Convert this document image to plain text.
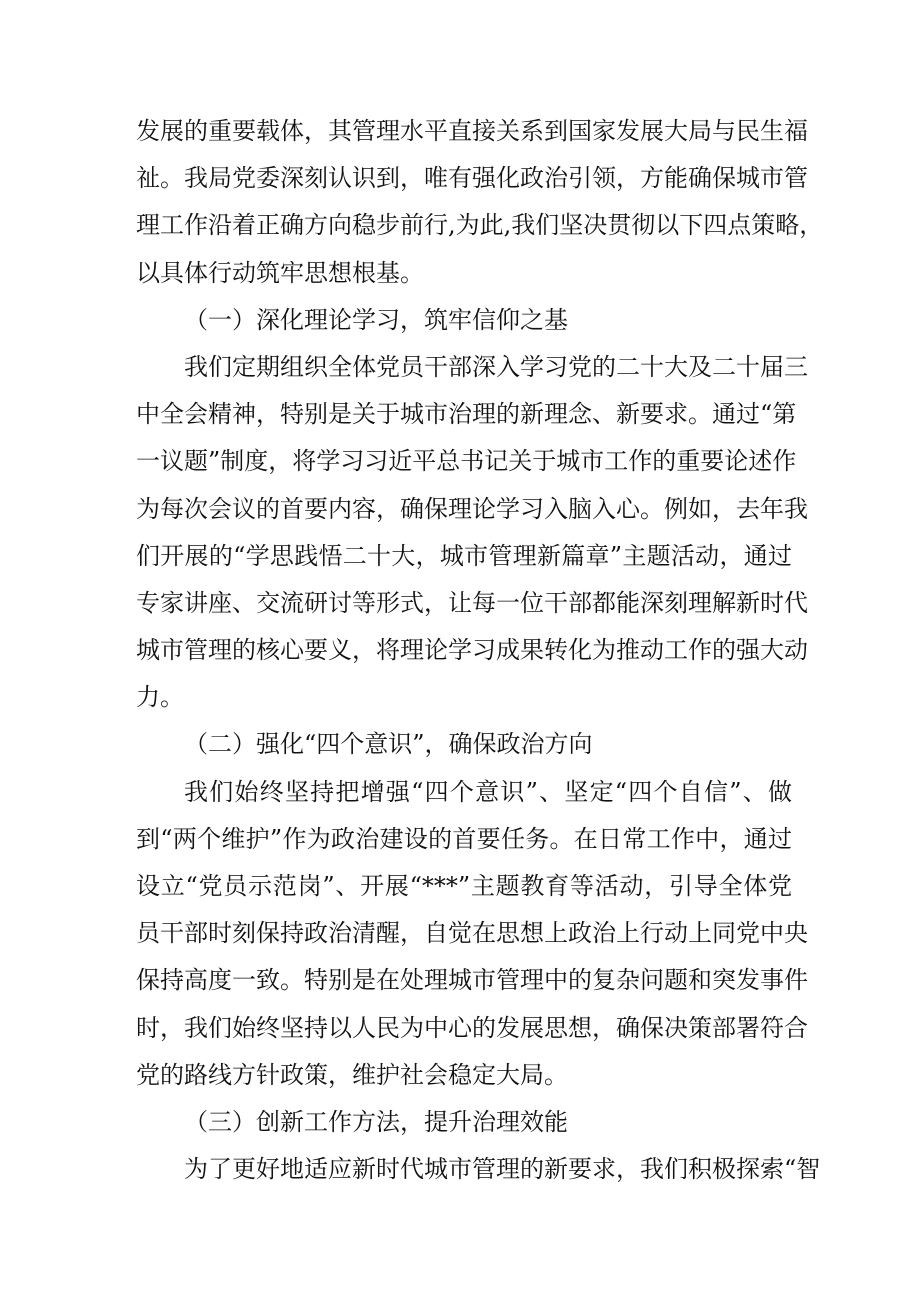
发展的重要载体，其管理水平直接关系到国家发展大局与民生福
祉。我局党委深刻认识到，唯有强化政治引领，方能确保城市管
理工作沿着正确方向稳步前行,为此,我们坚决贯彻以下四点策略，
以具体行动筑牢思想根基。
（一）深化理论学习，筑牢信仰之基
我们定期组织全体党员干部深入学习党的二十大及二十届三
中全会精神，特别是关于城市治理的新理念、新要求。通过“第
一议题”制度，将学习习近平总书记关于城市工作的重要论述作
为每次会议的首要内容，确保理论学习入脑入心。例如，去年我
们开展的“学思践悟二十大，城市管理新篇章”主题活动，通过
专家讲座、交流研讨等形式，让每一位干部都能深刻理解新时代
城市管理的核心要义，将理论学习成果转化为推动工作的强大动
力。
（二）强化“四个意识”，确保政治方向
我们始终坚持把增强“四个意识”、坚定“四个自信”、做
到“两个维护”作为政治建设的首要任务。在日常工作中，通过
设立“党员示范岗”、开展“***”主题教育等活动，引导全体党
员干部时刻保持政治清醒，自觉在思想上政治上行动上同党中央
保持高度一致。特别是在处理城市管理中的复杂问题和突发事件
时，我们始终坚持以人民为中心的发展思想，确保决策部署符合
党的路线方针政策，维护社会稳定大局。
（三）创新工作方法，提升治理效能
为了更好地适应新时代城市管理的新要求，我们积极探索“智
